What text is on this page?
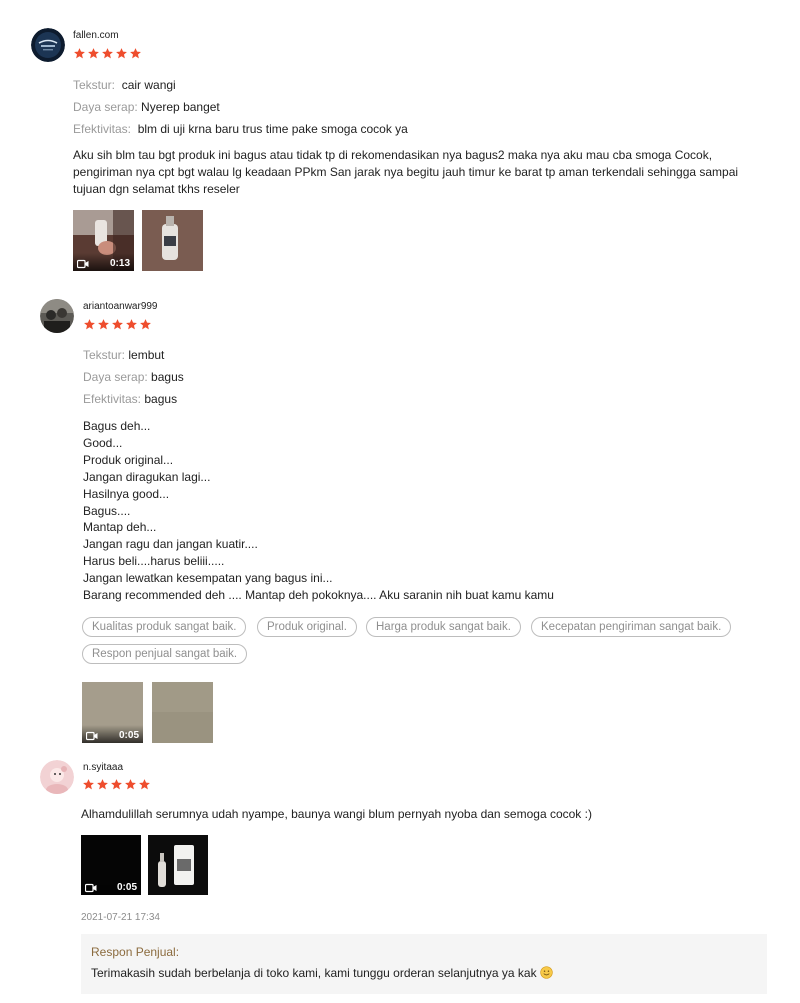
fallen.com
Tekstur: cair wangi
Daya serap: Nyerep banget
Efektivitas: blm di uji krna baru trus time pake smoga cocok ya
Aku sih blm tau bgt produk ini bagus atau tidak tp di rekomendasikan nya bagus2 maka nya aku mau cba smoga Cocok, pengiriman nya cpt bgt walau lg keadaan PPkm San jarak nya begitu jauh timur ke barat tp aman terkendali sehingga sampai tujuan dgn selamat tkhs reseler
0:13
ariantoanwar999
Tekstur: lembut
Daya serap: bagus
Efektivitas: bagus
Bagus deh...
Good...
Produk original...
Jangan diragukan lagi...
Hasilnya good...
Bagus....
Mantap deh...
Jangan ragu dan jangan kuatir....
Harus beli....harus beliii.....
Jangan lewatkan kesempatan yang bagus ini...
Barang recommended deh .... Mantap deh pokoknya.... Aku saranin nih buat kamu kamu
Kualitas produk sangat baik.	Produk original.	Harga produk sangat baik.	Kecepatan pengiriman sangat baik.
Respon penjual sangat baik.
0:05
n.syitaaa
Alhamdulillah serumnya udah nyampe, baunya wangi blum pernyah nyoba dan semoga cocok :)
0:05
2021-07-21 17:34
Respon Penjual:
Terimakasih sudah berbelanja di toko kami, kami tunggu orderan selanjutnya ya kak
